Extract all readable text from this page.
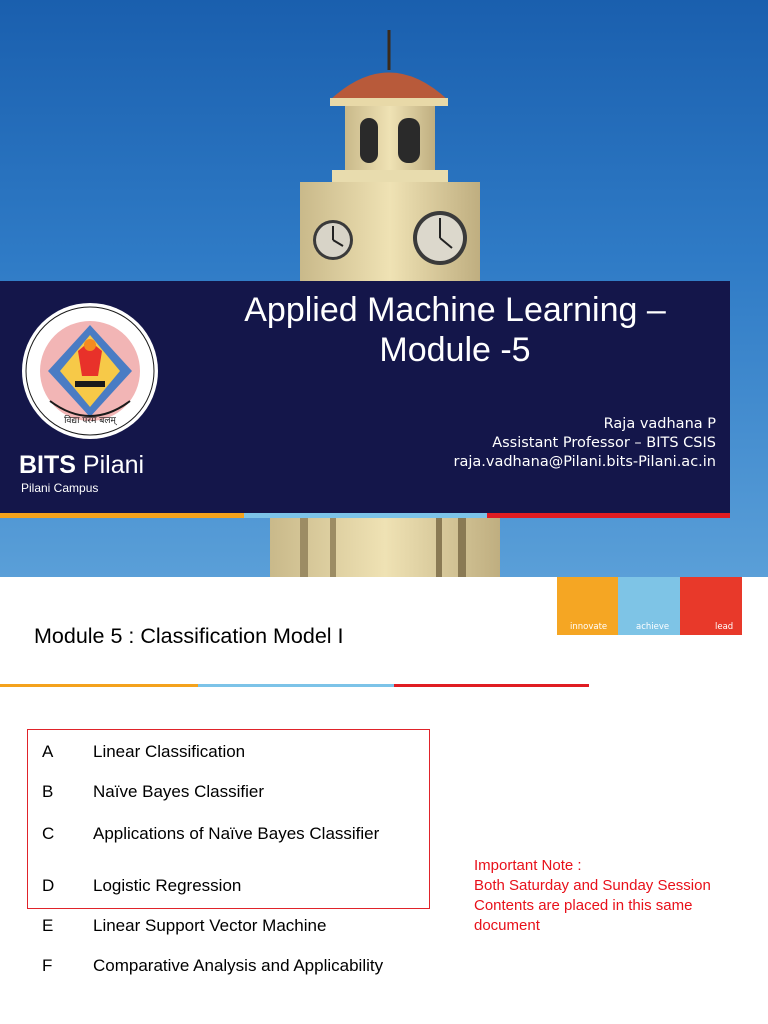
विद्या परमं बलम्
BITS Pilani
Pilani Campus
Applied Machine Learning –
Module -5
Raja vadhana P
Assistant Professor – BITS CSIS
raja.vadhana@Pilani.bits-Pilani.ac.in
innovate	achieve	lead
Module 5 : Classification Model I
A Linear Classification
B Naïve Bayes Classifier
C Applications of Naïve Bayes Classifier
D Logistic Regression
E Linear Support Vector Machine
F Comparative Analysis and Applicability
Important Note :
Both Saturday and Sunday Session
Contents are placed in this same
document
